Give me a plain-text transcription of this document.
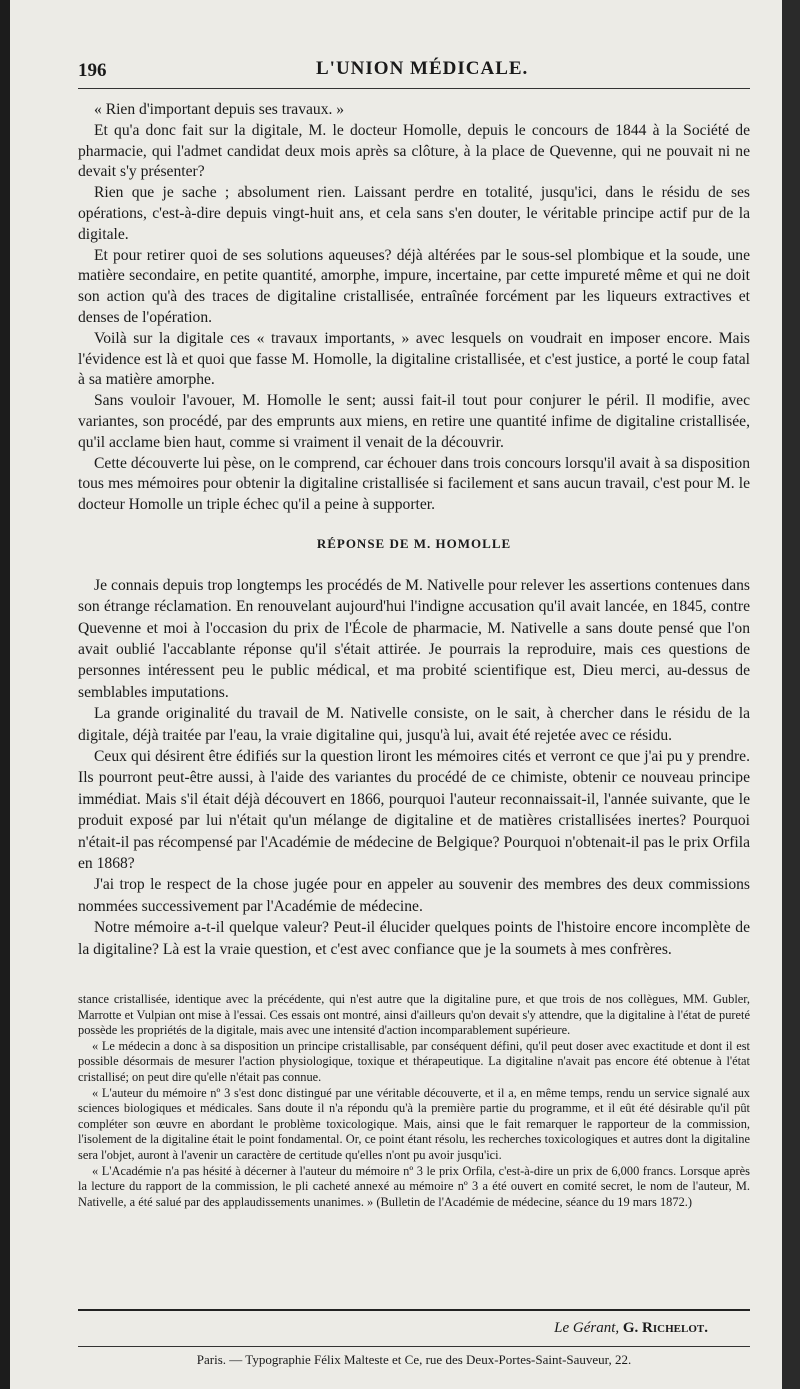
196	L'UNION MÉDICALE.

« Rien d'important depuis ses travaux. »

Et qu'a donc fait sur la digitale, M. le docteur Homolle, depuis le concours de 1844 à la Société de pharmacie, qui l'admet candidat deux mois après sa clôture, à la place de Quevenne, qui ne pouvait ni ne devait s'y présenter?

Rien que je sache ; absolument rien. Laissant perdre en totalité, jusqu'ici, dans le résidu de ses opérations, c'est-à-dire depuis vingt-huit ans, et cela sans s'en douter, le véritable principe actif pur de la digitale.

Et pour retirer quoi de ses solutions aqueuses? déjà altérées par le sous-sel plombique et la soude, une matière secondaire, en petite quantité, amorphe, impure, incertaine, par cette impureté même et qui ne doit son action qu'à des traces de digitaline cristallisée, entraînée forcément par les liqueurs extractives et denses de l'opération.

Voilà sur la digitale ces « travaux importants, » avec lesquels on voudrait en imposer encore. Mais l'évidence est là et quoi que fasse M. Homolle, la digitaline cristallisée, et c'est justice, a porté le coup fatal à sa matière amorphe.

Sans vouloir l'avouer, M. Homolle le sent; aussi fait-il tout pour conjurer le péril. Il modifie, avec variantes, son procédé, par des emprunts aux miens, en retire une quantité infime de digitaline cristallisée, qu'il acclame bien haut, comme si vraiment il venait de la découvrir.

Cette découverte lui pèse, on le comprend, car échouer dans trois concours lorsqu'il avait à sa disposition tous mes mémoires pour obtenir la digitaline cristallisée si facilement et sans aucun travail, c'est pour M. le docteur Homolle un triple échec qu'il a peine à supporter.

RÉPONSE DE M. HOMOLLE

Je connais depuis trop longtemps les procédés de M. Nativelle pour relever les assertions contenues dans son étrange réclamation. En renouvelant aujourd'hui l'indigne accusation qu'il avait lancée, en 1845, contre Quevenne et moi à l'occasion du prix de l'École de pharmacie, M. Nativelle a sans doute pensé que l'on avait oublié l'accablante réponse qu'il s'était attirée. Je pourrais la reproduire, mais ces questions de personnes intéressent peu le public médical, et ma probité scientifique est, Dieu merci, au-dessus de semblables imputations.

La grande originalité du travail de M. Nativelle consiste, on le sait, à chercher dans le résidu de la digitale, déjà traitée par l'eau, la vraie digitaline qui, jusqu'à lui, avait été rejetée avec ce résidu.

Ceux qui désirent être édifiés sur la question liront les mémoires cités et verront ce que j'ai pu y prendre. Ils pourront peut-être aussi, à l'aide des variantes du procédé de ce chimiste, obtenir ce nouveau principe immédiat. Mais s'il était déjà découvert en 1866, pourquoi l'auteur reconnaissait-il, l'année suivante, que le produit exposé par lui n'était qu'un mélange de digitaline et de matières cristallisées inertes? Pourquoi n'était-il pas récompensé par l'Académie de médecine de Belgique? Pourquoi n'obtenait-il pas le prix Orfila en 1868?

J'ai trop le respect de la chose jugée pour en appeler au souvenir des membres des deux commissions nommées successivement par l'Académie de médecine.

Notre mémoire a-t-il quelque valeur? Peut-il élucider quelques points de l'histoire encore incomplète de la digitaline? Là est la vraie question, et c'est avec confiance que je la soumets à mes confrères.

stance cristallisée, identique avec la précédente, qui n'est autre que la digitaline pure, et que trois de nos collègues, MM. Gubler, Marrotte et Vulpian ont mise à l'essai. Ces essais ont montré, ainsi d'ailleurs qu'on devait s'y attendre, que la digitaline à l'état de pureté possède les propriétés de la digitale, mais avec une intensité d'action incomparablement supérieure.

« Le médecin a donc à sa disposition un principe cristallisable, par conséquent défini, qu'il peut doser avec exactitude et dont il est possible désormais de mesurer l'action physiologique, toxique et thérapeutique. La digitaline n'avait pas encore été obtenue à l'état cristallisé; on peut dire qu'elle n'était pas connue.

« L'auteur du mémoire nº 3 s'est donc distingué par une véritable découverte, et il a, en même temps, rendu un service signalé aux sciences biologiques et médicales. Sans doute il n'a répondu qu'à la première partie du programme, et il eût été désirable qu'il pût compléter son œuvre en abordant le problème toxicologique. Mais, ainsi que le fait remarquer le rapporteur de la commission, l'isolement de la digitaline était le point fondamental. Or, ce point étant résolu, les recherches toxicologiques et autres dont la digitaline sera l'objet, auront à l'avenir un caractère de certitude qu'elles n'ont pu avoir jusqu'ici.

« L'Académie n'a pas hésité à décerner à l'auteur du mémoire nº 3 le prix Orfila, c'est-à-dire un prix de 6,000 francs. Lorsque après la lecture du rapport de la commission, le pli cacheté annexé au mémoire nº 3 a été ouvert en comité secret, le nom de l'auteur, M. Nativelle, a été salué par des applaudissements unanimes. » (Bulletin de l'Académie de médecine, séance du 19 mars 1872.)

Le Gérant, G. Richelot.
Paris. — Typographie Félix Malteste et Ce, rue des Deux-Portes-Saint-Sauveur, 22.
